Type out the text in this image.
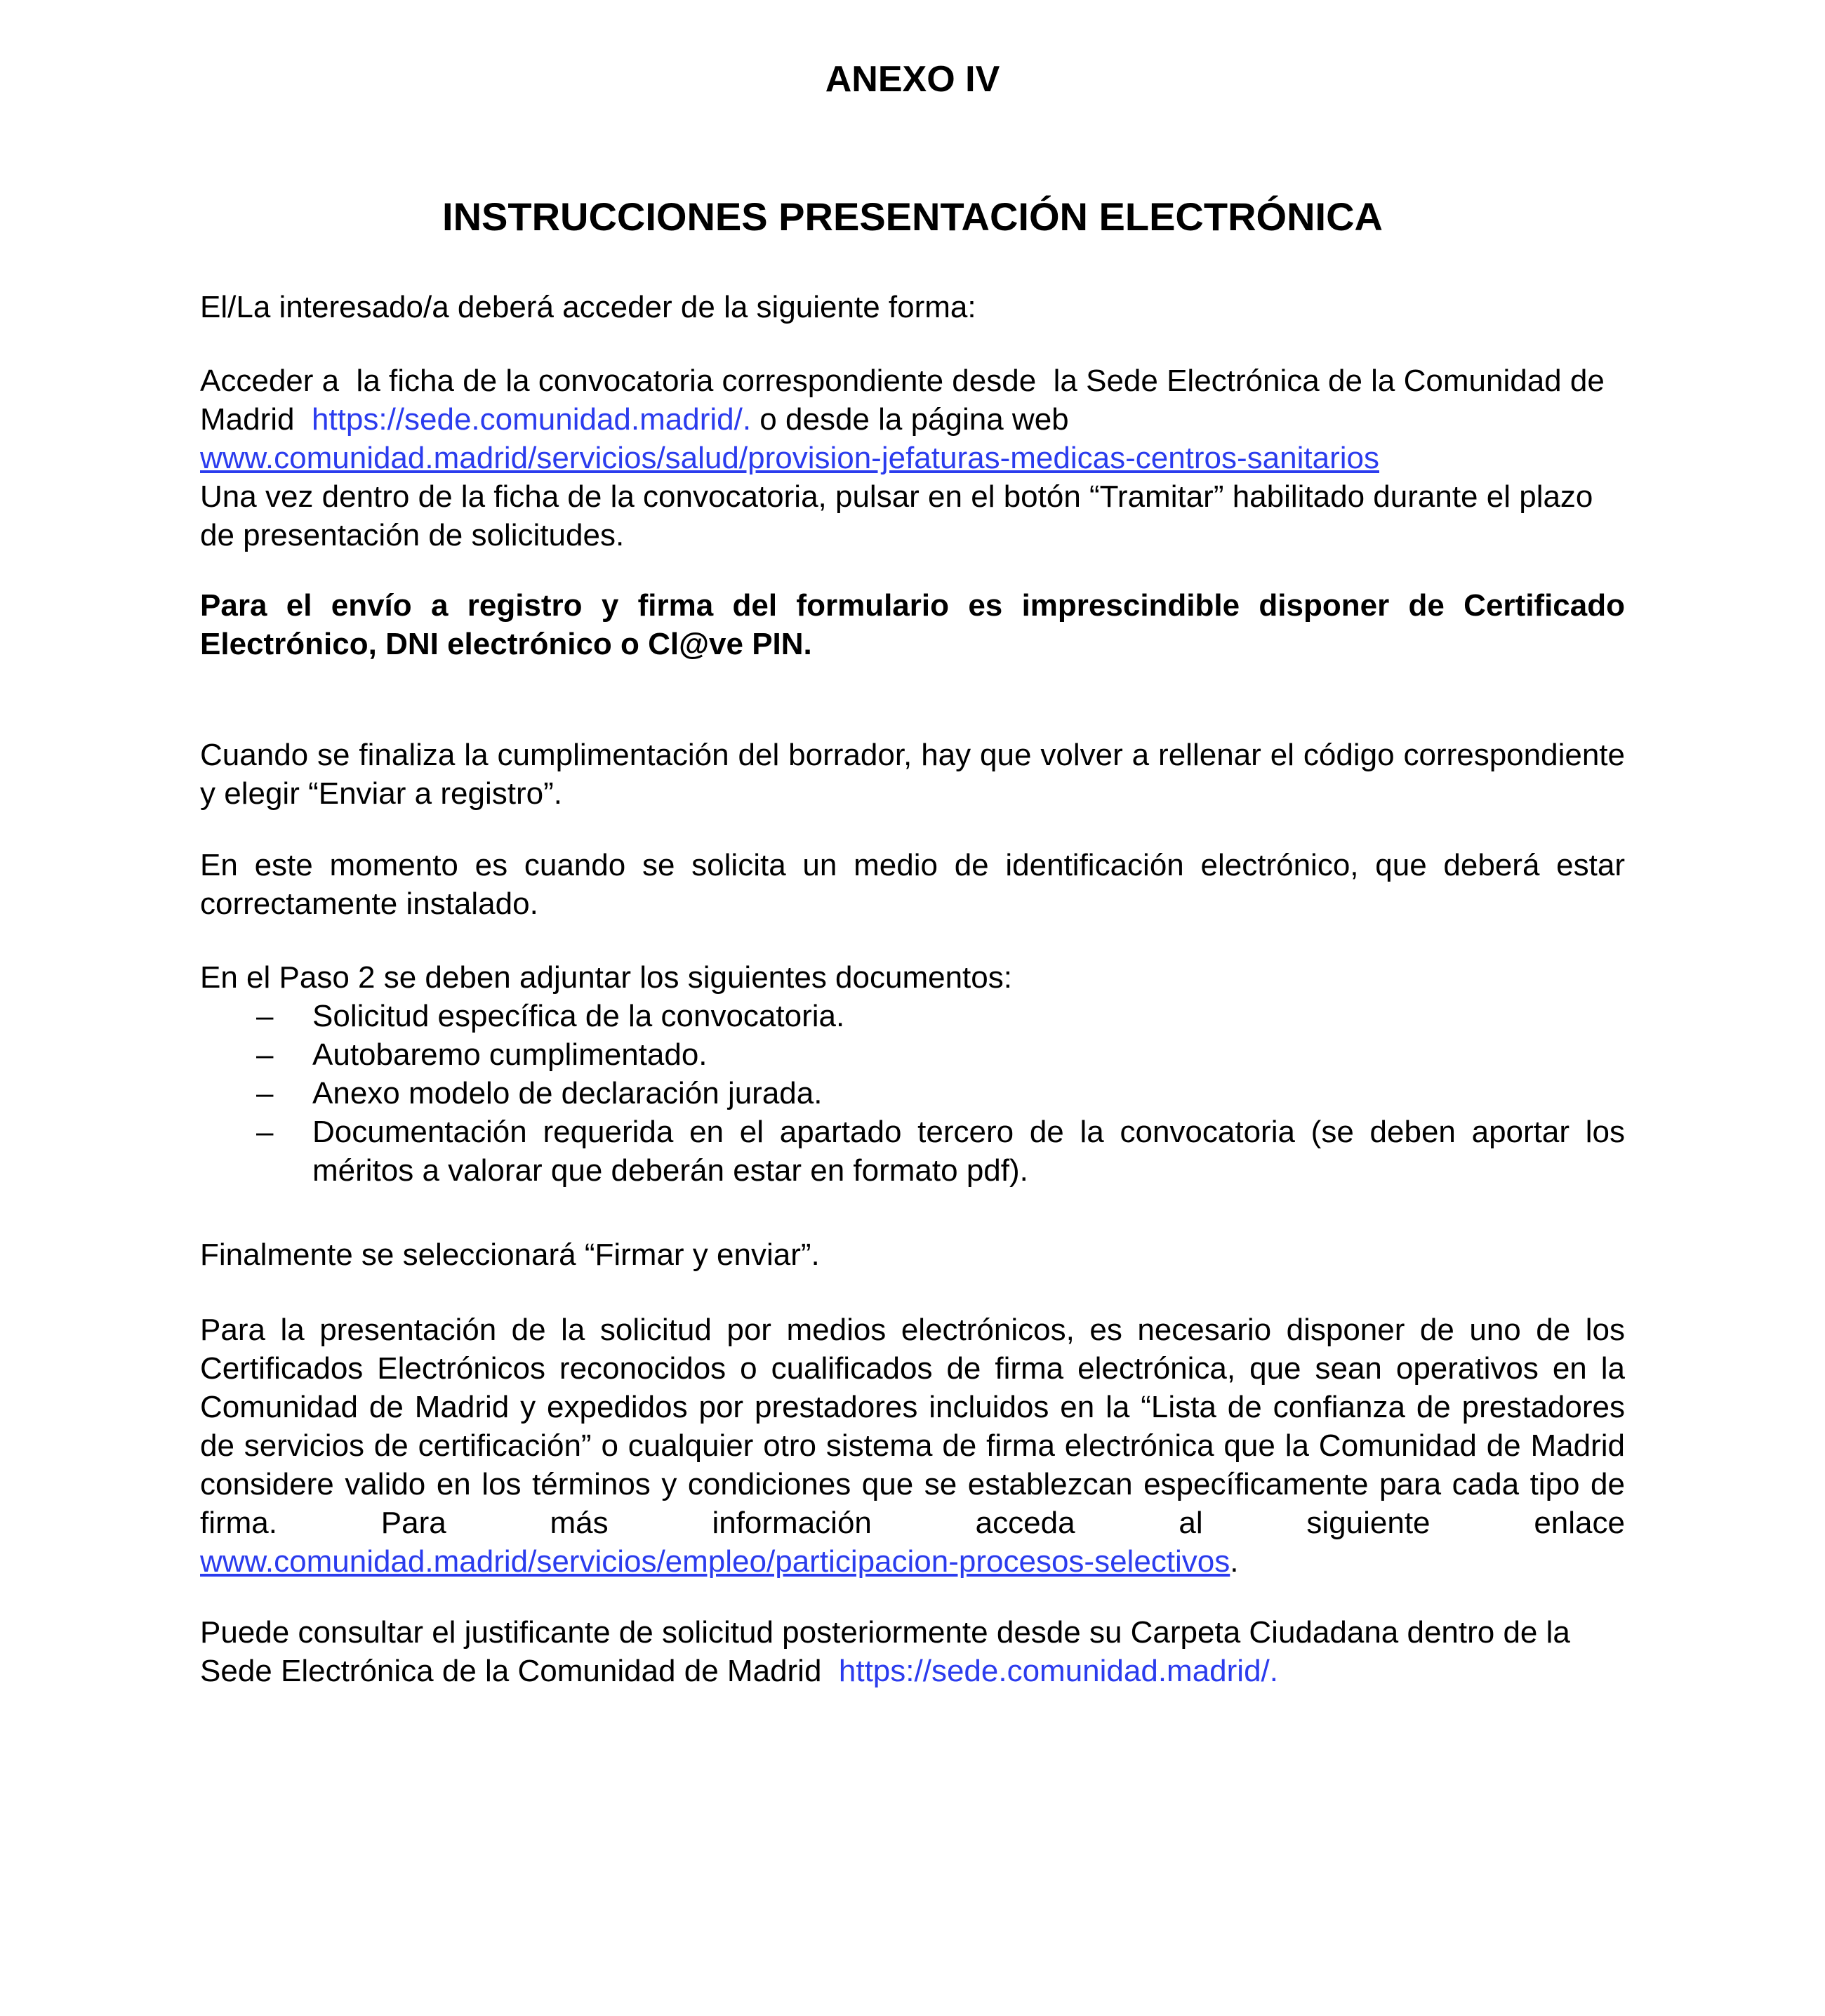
ANEXO IV
INSTRUCCIONES PRESENTACIÓN ELECTRÓNICA

El/La interesado/a deberá acceder de la siguiente forma:

Acceder a  la ficha de la convocatoria correspondiente desde  la Sede Electrónica de la Comunidad de Madrid  https://sede.comunidad.madrid/. o desde la página web www.comunidad.madrid/servicios/salud/provision-jefaturas-medicas-centros-sanitarios

Una vez dentro de la ficha de la convocatoria, pulsar en el botón “Tramitar” habilitado durante el plazo de presentación de solicitudes.

Para el envío a registro y firma del formulario es imprescindible disponer de Certificado Electrónico, DNI electrónico o Cl@ve PIN.

Cuando se finaliza la cumplimentación del borrador, hay que volver a rellenar el código correspondiente y elegir “Enviar a registro”.

En este momento es cuando se solicita un medio de identificación electrónico, que deberá estar correctamente instalado.

En el Paso 2 se deben adjuntar los siguientes documentos:

– Solicitud específica de la convocatoria.
– Autobaremo cumplimentado.
– Anexo modelo de declaración jurada.
– Documentación requerida en el apartado tercero de la convocatoria (se deben aportar los méritos a valorar que deberán estar en formato pdf).

Finalmente se seleccionará “Firmar y enviar”.

Para la presentación de la solicitud por medios electrónicos, es necesario disponer de uno de los Certificados Electrónicos reconocidos o cualificados de firma electrónica, que sean operativos en la Comunidad de Madrid y expedidos por prestadores incluidos en la “Lista de confianza de prestadores de servicios de certificación” o cualquier otro sistema de firma electrónica que la Comunidad de Madrid considere valido en los términos y condiciones que se establezcan específicamente para cada tipo de firma. Para más información acceda al siguiente enlace www.comunidad.madrid/servicios/empleo/participacion-procesos-selectivos.

Puede consultar el justificante de solicitud posteriormente desde su Carpeta Ciudadana dentro de la Sede Electrónica de la Comunidad de Madrid  https://sede.comunidad.madrid/.
